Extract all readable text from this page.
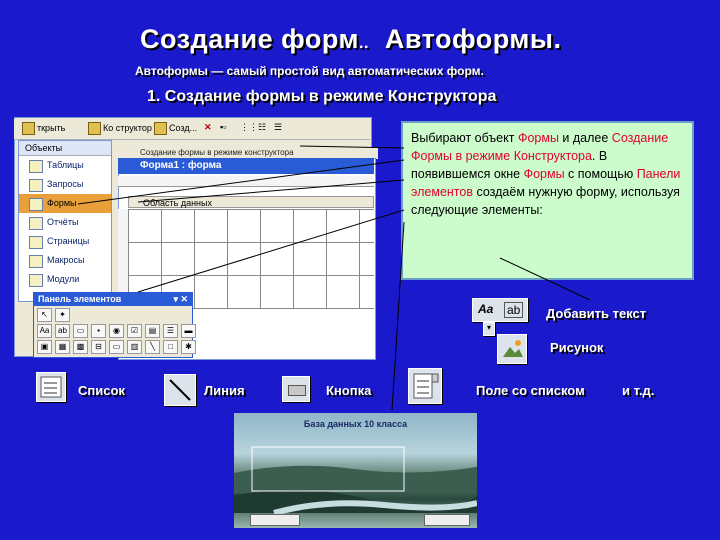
Создание форм.. Автоформы.
Автоформы — самый простой вид автоматических форм.
1. Создание формы в режиме Конструктора
ткрыть	Ко структор	Созд... ✕ ▪▫ ⋮⋮ ☷ ☰
Объекты
Таблицы
Запросы
Формы
Отчёты
Страницы
Макросы
Модули
Создание формы в режиме конструктора
Форма1 : форма
Область данных
Панель элементов	▾ ✕
↖	✦
Aa	ab	▭	▪	◉	☑	▤	☰	▬
▣	▦	▩	⊟	▭	▥	╲	□	✱
Выбирают объект Формы и далее Создание Формы в режиме Конструктора. В появившемся окне Формы с помощью Панели элементов создаём нужную форму, используя следующие элементы:
Aa ab Добавить текст
▾
Рисунок
Список	Линия	Кнопка	Поле со списком	и т.д.
База данных 10 класса
